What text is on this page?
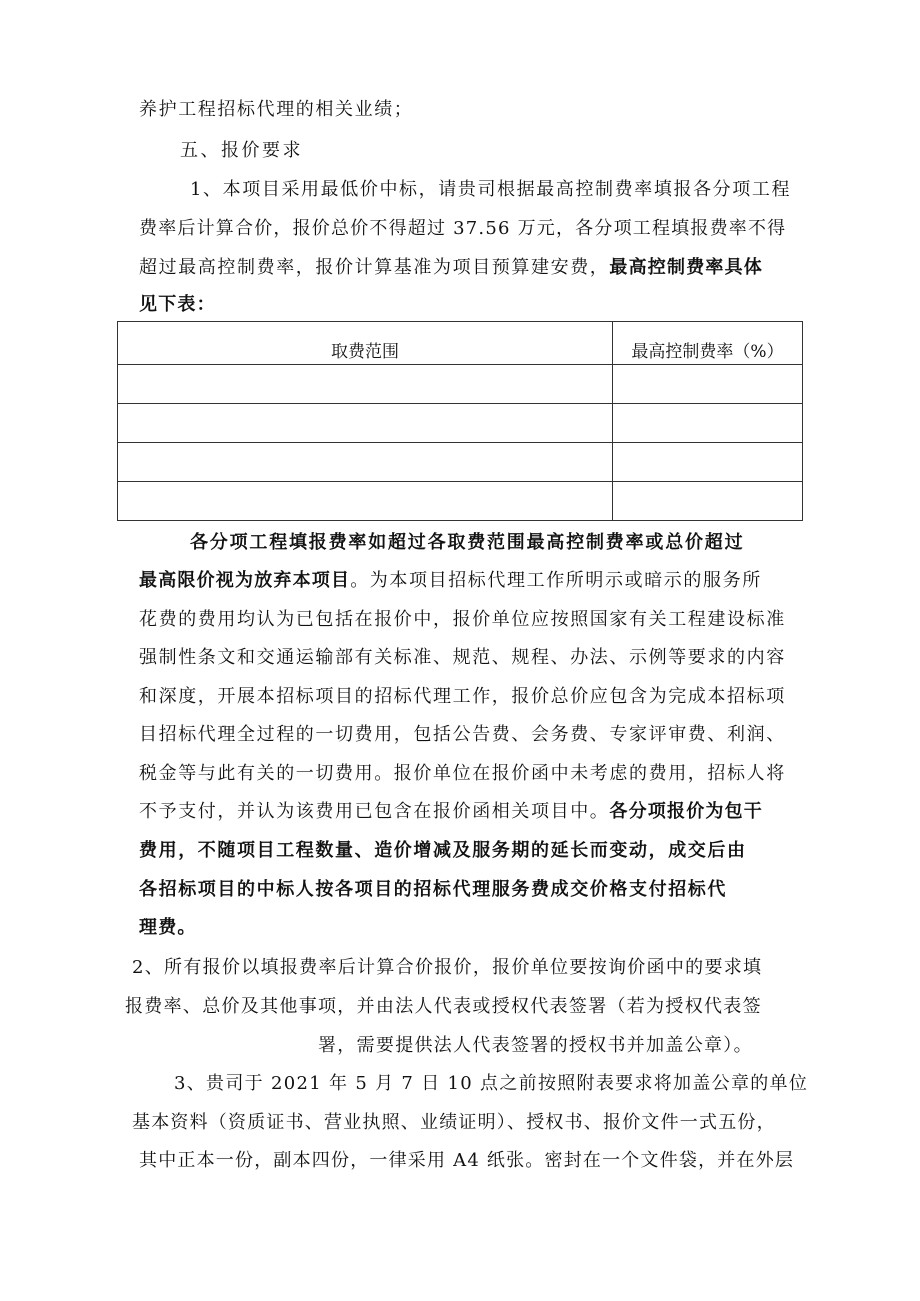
养护工程招标代理的相关业绩；
五、报价要求
1、本项目采用最低价中标，请贵司根据最高控制费率填报各分项工程
费率后计算合价，报价总价不得超过 37.56 万元，各分项工程填报费率不得
超过最高控制费率，报价计算基准为项目预算建安费，最高控制费率具体
见下表：
取费范围	最高控制费率（%）

各分项工程填报费率如超过各取费范围最高控制费率或总价超过
最高限价视为放弃本项目。为本项目招标代理工作所明示或暗示的服务所
花费的费用均认为已包括在报价中，报价单位应按照国家有关工程建设标准
强制性条文和交通运输部有关标准、规范、规程、办法、示例等要求的内容
和深度，开展本招标项目的招标代理工作，报价总价应包含为完成本招标项
目招标代理全过程的一切费用，包括公告费、会务费、专家评审费、利润、
税金等与此有关的一切费用。报价单位在报价函中未考虑的费用，招标人将
不予支付，并认为该费用已包含在报价函相关项目中。各分项报价为包干
费用，不随项目工程数量、造价增减及服务期的延长而变动，成交后由
各招标项目的中标人按各项目的招标代理服务费成交价格支付招标代
理费。
2、所有报价以填报费率后计算合价报价，报价单位要按询价函中的要求填
报费率、总价及其他事项，并由法人代表或授权代表签署（若为授权代表签
署，需要提供法人代表签署的授权书并加盖公章）。
3、贵司于 2021 年 5 月 7 日 10 点之前按照附表要求将加盖公章的单位
基本资料（资质证书、营业执照、业绩证明）、授权书、报价文件一式五份，
其中正本一份，副本四份，一律采用 A4 纸张。密封在一个文件袋，并在外层
